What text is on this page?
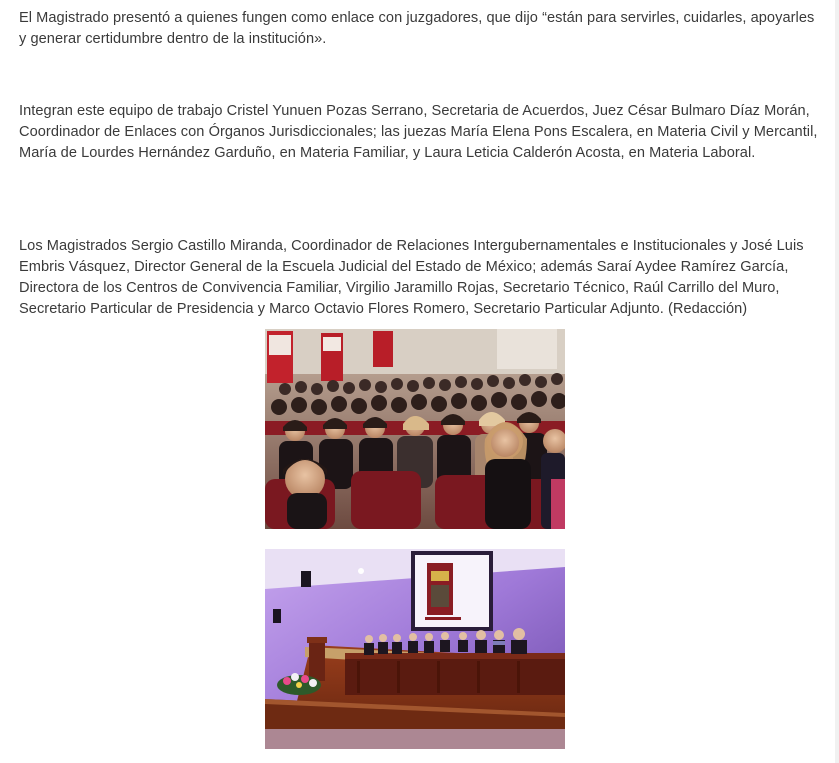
El Magistrado presentó a quienes fungen como enlace con juzgadores, que dijo “están para servirles, cuidarles, apoyarles y generar certidumbre dentro de la institución».

Integran este equipo de trabajo Cristel Yunuen Pozas Serrano, Secretaria de Acuerdos, Juez César Bulmaro Díaz Morán, Coordinador de Enlaces con Órganos Jurisdiccionales; las juezas María Elena Pons Escalera, en Materia Civil y Mercantil, María de Lourdes Hernández Garduño, en Materia Familiar, y Laura Leticia Calderón Acosta, en Materia Laboral.

Los Magistrados Sergio Castillo Miranda, Coordinador de Relaciones Intergubernamentales e Institucionales y José Luis Embris Vásquez, Director General de la Escuela Judicial del Estado de México; además Saraí Aydee Ramírez García, Directora de los Centros de Convivencia Familiar, Virgilio Jaramillo Rojas, Secretario Técnico, Raúl Carrillo del Muro, Secretario Particular de Presidencia y Marco Octavio Flores Romero, Secretario Particular Adjunto. (Redacción)
